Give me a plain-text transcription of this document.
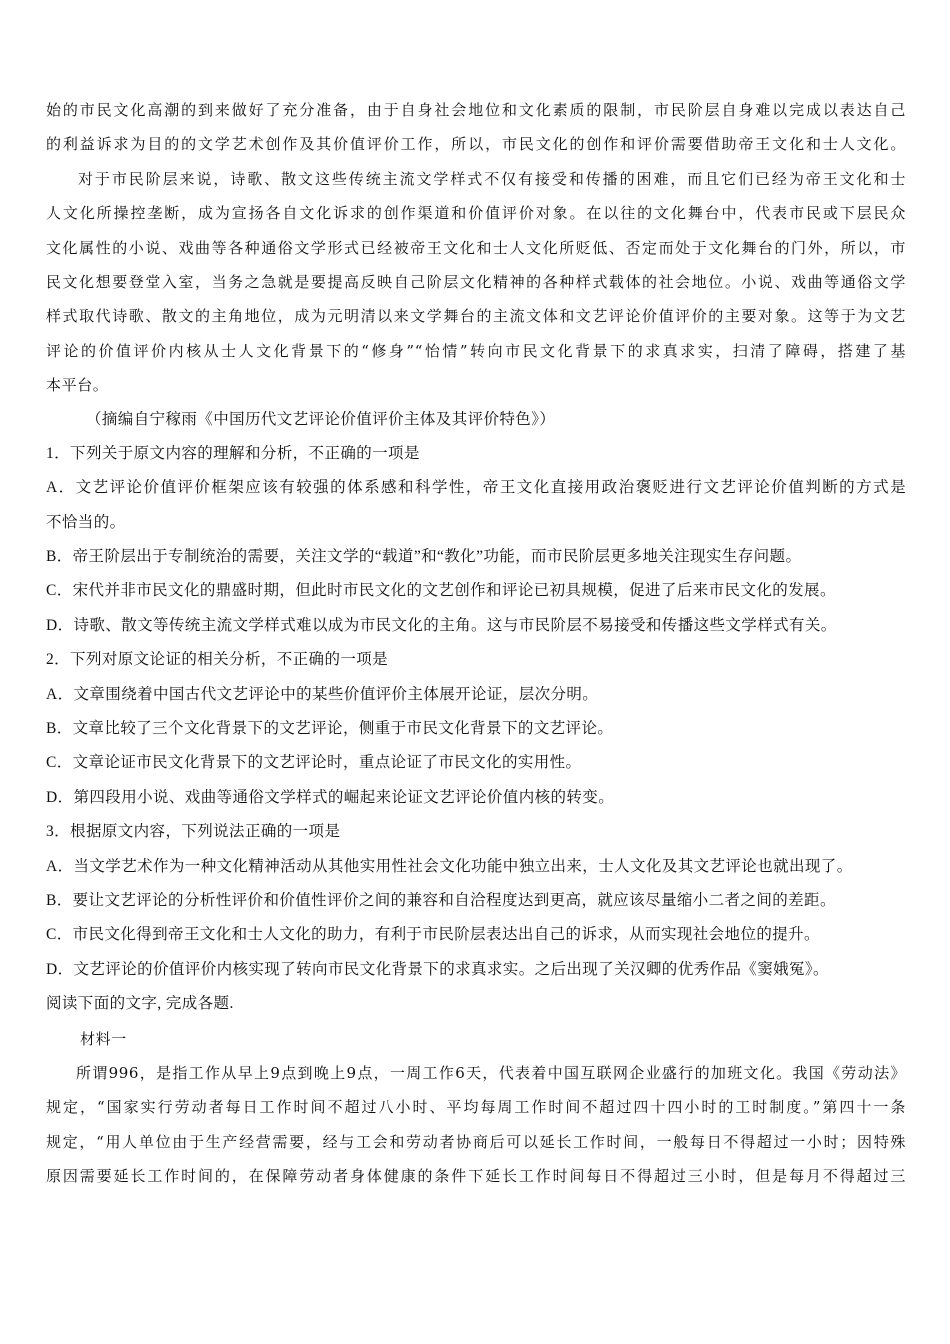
始的市民文化高潮的到来做好了充分准备，由于自身社会地位和文化素质的限制，市民阶层自身难以完成以表达自己

的利益诉求为目的的文学艺术创作及其价值评价工作，所以，市民文化的创作和评价需要借助帝王文化和士人文化。

对于市民阶层来说，诗歌、散文这些传统主流文学样式不仅有接受和传播的困难，而且它们已经为帝王文化和士

人文化所操控垄断，成为宣扬各自文化诉求的创作渠道和价值评价对象。在以往的文化舞台中，代表市民或下层民众

文化属性的小说、戏曲等各种通俗文学形式已经被帝王文化和士人文化所贬低、否定而处于文化舞台的门外，所以，市

民文化想要登堂入室，当务之急就是要提高反映自己阶层文化精神的各种样式载体的社会地位。小说、戏曲等通俗文学

样式取代诗歌、散文的主角地位，成为元明清以来文学舞台的主流文体和文艺评论价值评价的主要对象。这等于为文艺

评论的价值评价内核从士人文化背景下的“修身”“怡情”转向市民文化背景下的求真求实，扫清了障碍，搭建了基

本平台。

（摘编自宁稼雨《中国历代文艺评论价值评价主体及其评价特色》）

1．下列关于原文内容的理解和分析，不正确的一项是

A．文艺评论价值评价框架应该有较强的体系感和科学性，帝王文化直接用政治褒贬进行文艺评论价值判断的方式是

不恰当的。

B．帝王阶层出于专制统治的需要，关注文学的“载道”和“教化”功能，而市民阶层更多地关注现实生存问题。

C．宋代并非市民文化的鼎盛时期，但此时市民文化的文艺创作和评论已初具规模，促进了后来市民文化的发展。

D．诗歌、散文等传统主流文学样式难以成为市民文化的主角。这与市民阶层不易接受和传播这些文学样式有关。

2．下列对原文论证的相关分析，不正确的一项是

A．文章围绕着中国古代文艺评论中的某些价值评价主体展开论证，层次分明。

B．文章比较了三个文化背景下的文艺评论，侧重于市民文化背景下的文艺评论。

C．文章论证市民文化背景下的文艺评论时，重点论证了市民文化的实用性。

D．第四段用小说、戏曲等通俗文学样式的崛起来论证文艺评论价值内核的转变。

3．根据原文内容，下列说法正确的一项是

A．当文学艺术作为一种文化精神活动从其他实用性社会文化功能中独立出来，士人文化及其文艺评论也就出现了。

B．要让文艺评论的分析性评价和价值性评价之间的兼容和自洽程度达到更高，就应该尽量缩小二者之间的差距。

C．市民文化得到帝王文化和士人文化的助力，有利于市民阶层表达出自己的诉求，从而实现社会地位的提升。

D．文艺评论的价值评价内核实现了转向市民文化背景下的求真求实。之后出现了关汉卿的优秀作品《窦娥冤》。

阅读下面的文字, 完成各题.

材料一

所谓996，是指工作从早上9点到晚上9点，一周工作6天，代表着中国互联网企业盛行的加班文化。我国《劳动法》

规定，“国家实行劳动者每日工作时间不超过八小时、平均每周工作时间不超过四十四小时的工时制度。”第四十一条

规定，“用人单位由于生产经营需要，经与工会和劳动者协商后可以延长工作时间，一般每日不得超过一小时；因特殊

原因需要延长工作时间的，在保障劳动者身体健康的条件下延长工作时间每日不得超过三小时，但是每月不得超过三
